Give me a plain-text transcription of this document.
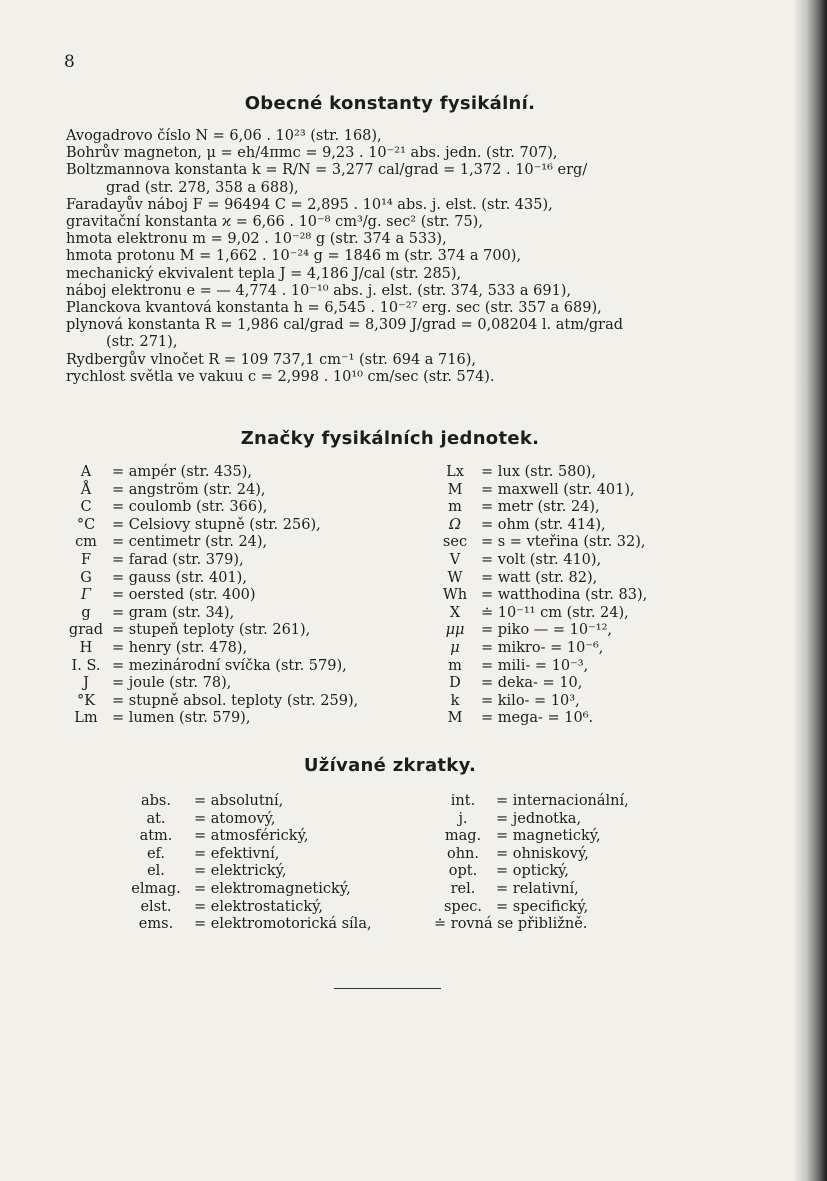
8
Obecné konstanty fysikální.
Avogadrovo číslo N = 6,06 . 10²³ (str. 168),
Bohrův magneton, μ = eh/4πmc = 9,23 . 10⁻²¹ abs. jedn. (str. 707),
Boltzmannova konstanta k = R/N = 3,277 cal/grad = 1,372 . 10⁻¹⁶ erg/
grad (str. 278, 358 a 688),
Faradayův náboj F = 96494 C = 2,895 . 10¹⁴ abs. j. elst. (str. 435),
gravitační konstanta ϰ = 6,66 . 10⁻⁸ cm³/g. sec² (str. 75),
hmota elektronu m = 9,02 . 10⁻²⁸ g (str. 374 a 533),
hmota protonu M = 1,662 . 10⁻²⁴ g = 1846 m (str. 374 a 700),
mechanický ekvivalent tepla J = 4,186 J/cal (str. 285),
náboj elektronu e = — 4,774 . 10⁻¹⁰ abs. j. elst. (str. 374, 533 a 691),
Planckova kvantová konstanta h = 6,545 . 10⁻²⁷ erg. sec (str. 357 a 689),
plynová konstanta R = 1,986 cal/grad = 8,309 J/grad = 0,08204 l. atm/grad
(str. 271),
Rydbergův vlnočet R = 109 737,1 cm⁻¹ (str. 694 a 716),
rychlost světla ve vakuu c = 2,998 . 10¹⁰ cm/sec (str. 574).
Značky fysikálních jednotek.
A	= ampér (str. 435),
Å	= angström (str. 24),
C	= coulomb (str. 366),
°C	= Celsiovy stupně (str. 256),
cm	= centimetr (str. 24),
F	= farad (str. 379),
G	= gauss (str. 401),
Γ	= oersted (str. 400)
g	= gram (str. 34),
grad = stupeň teploty (str. 261),
H	= henry (str. 478),
I. S. = mezinárodní svíčka (str. 579),
J	= joule (str. 78),
°K	= stupně absol. teploty (str. 259),
Lm = lumen (str. 579),
Lx	= lux (str. 580),
M	= maxwell (str. 401),
m	= metr (str. 24),
Ω	= ohm (str. 414),
sec = s = vteřina (str. 32),
V	= volt (str. 410),
W	= watt (str. 82),
Wh = watthodina (str. 83),
X	≐ 10⁻¹¹ cm (str. 24),
μμ	= piko — = 10⁻¹²,
μ	= mikro- = 10⁻⁶,
m	= mili- = 10⁻³,
D	= deka- = 10,
k	= kilo- = 10³,
M	= mega- = 10⁶.
Užívané zkratky.
abs.	= absolutní,
at.	= atomový,
atm.	= atmosférický,
ef.	= efektivní,
el.	= elektrický,
elmag. = elektromagnetický,
elst.	= elektrostatický,
ems.	= elektromotorická síla,
int.	= internacionální,
j.	= jednotka,
mag.	= magnetický,
ohn.	= ohniskový,
opt.	= optický,
rel.	= relativní,
spec. = specifický,
≐ rovná se přibližně.
